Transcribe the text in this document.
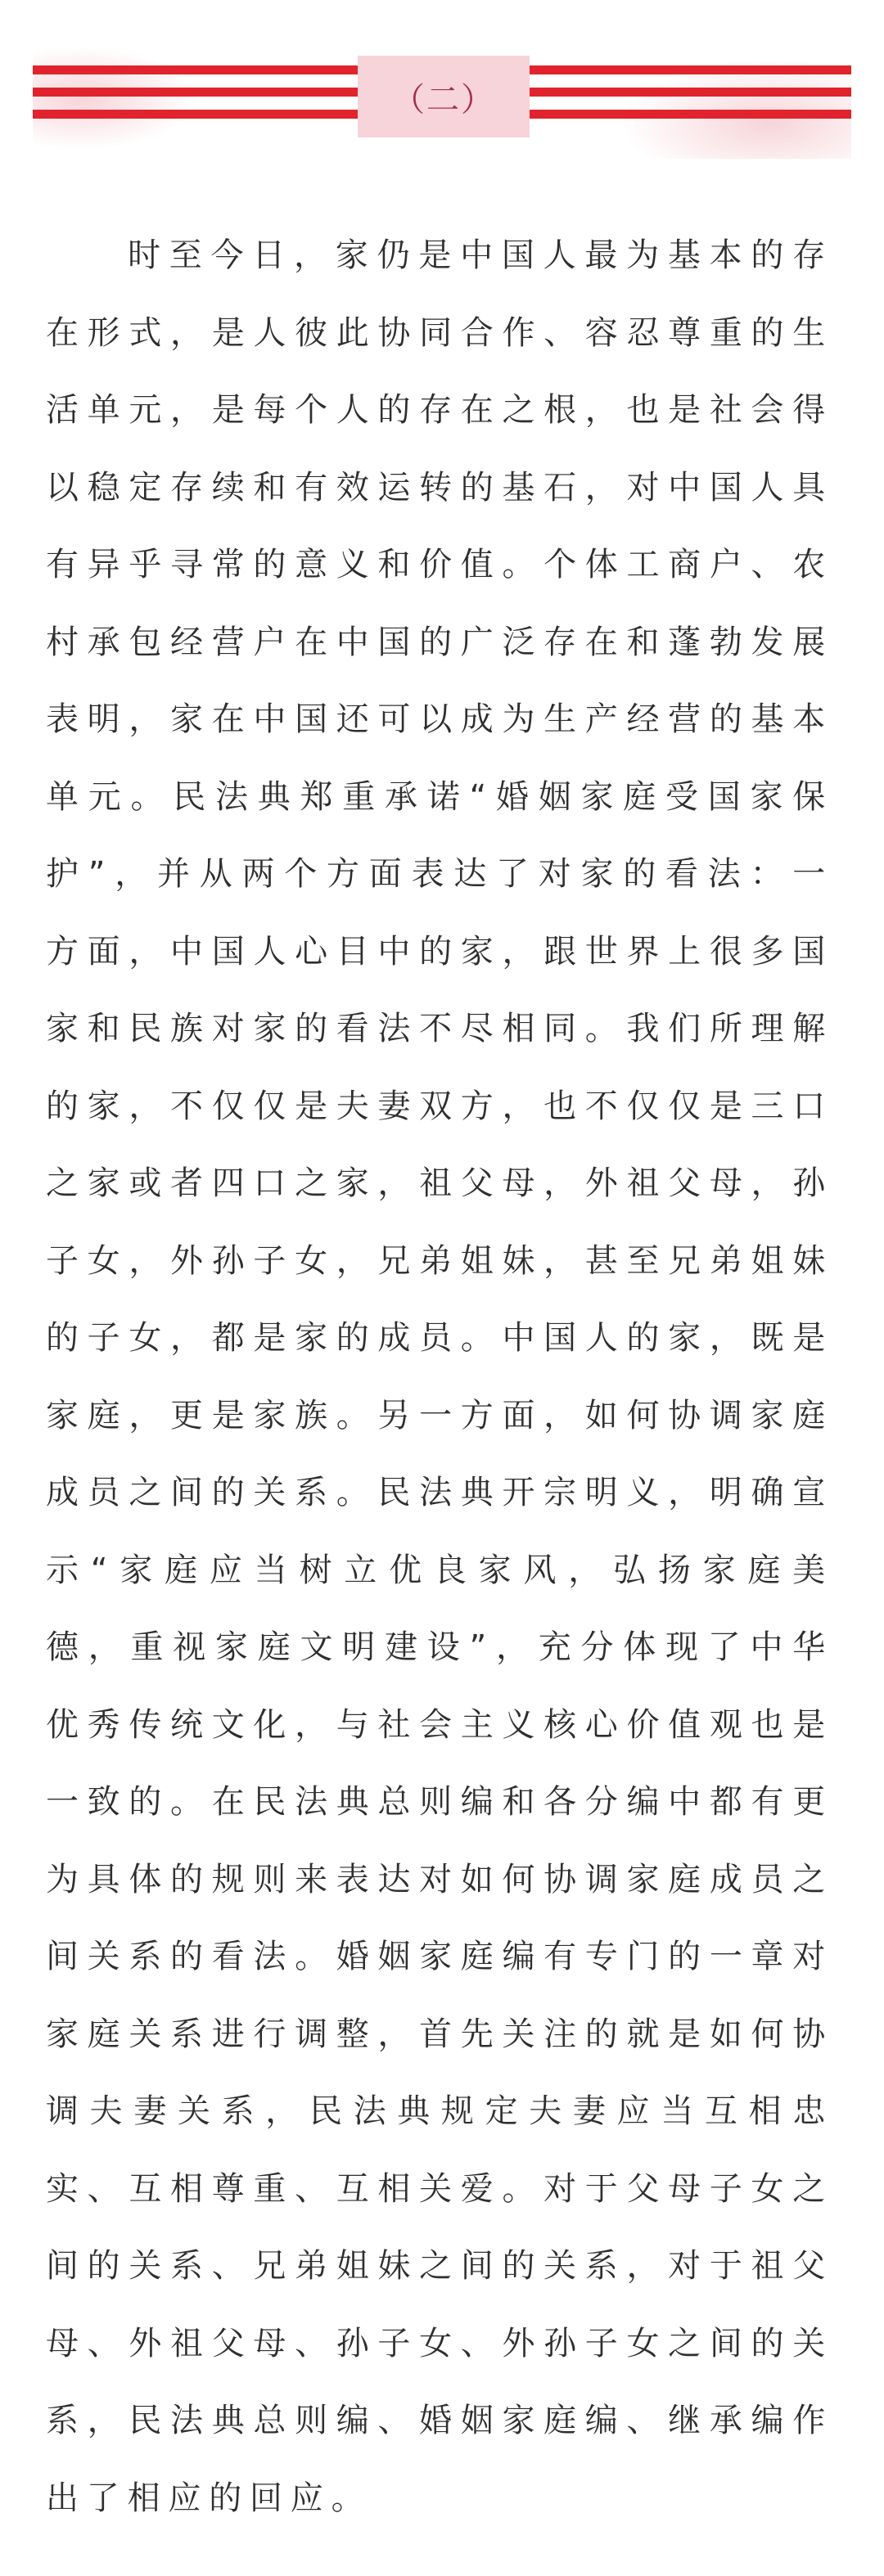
（二）

时至今日，家仍是中国人最为基本的存在形式，是人彼此协同合作、容忍尊重的生活单元，是每个人的存在之根，也是社会得以稳定存续和有效运转的基石，对中国人具有异乎寻常的意义和价值。个体工商户、农村承包经营户在中国的广泛存在和蓬勃发展表明，家在中国还可以成为生产经营的基本单元。民法典郑重承诺“婚姻家庭受国家保护”，并从两个方面表达了对家的看法：一方面，中国人心目中的家，跟世界上很多国家和民族对家的看法不尽相同。我们所理解的家，不仅仅是夫妻双方，也不仅仅是三口之家或者四口之家，祖父母，外祖父母，孙子女，外孙子女，兄弟姐妹，甚至兄弟姐妹的子女，都是家的成员。中国人的家，既是家庭，更是家族。另一方面，如何协调家庭成员之间的关系。民法典开宗明义，明确宣示“家庭应当树立优良家风，弘扬家庭美德，重视家庭文明建设”，充分体现了中华优秀传统文化，与社会主义核心价值观也是一致的。在民法典总则编和各分编中都有更为具体的规则来表达对如何协调家庭成员之间关系的看法。婚姻家庭编有专门的一章对家庭关系进行调整，首先关注的就是如何协调夫妻关系，民法典规定夫妻应当互相忠实、互相尊重、互相关爱。对于父母子女之间的关系、兄弟姐妹之间的关系，对于祖父母、外祖父母、孙子女、外孙子女之间的关系，民法典总则编、婚姻家庭编、继承编作出了相应的回应。
